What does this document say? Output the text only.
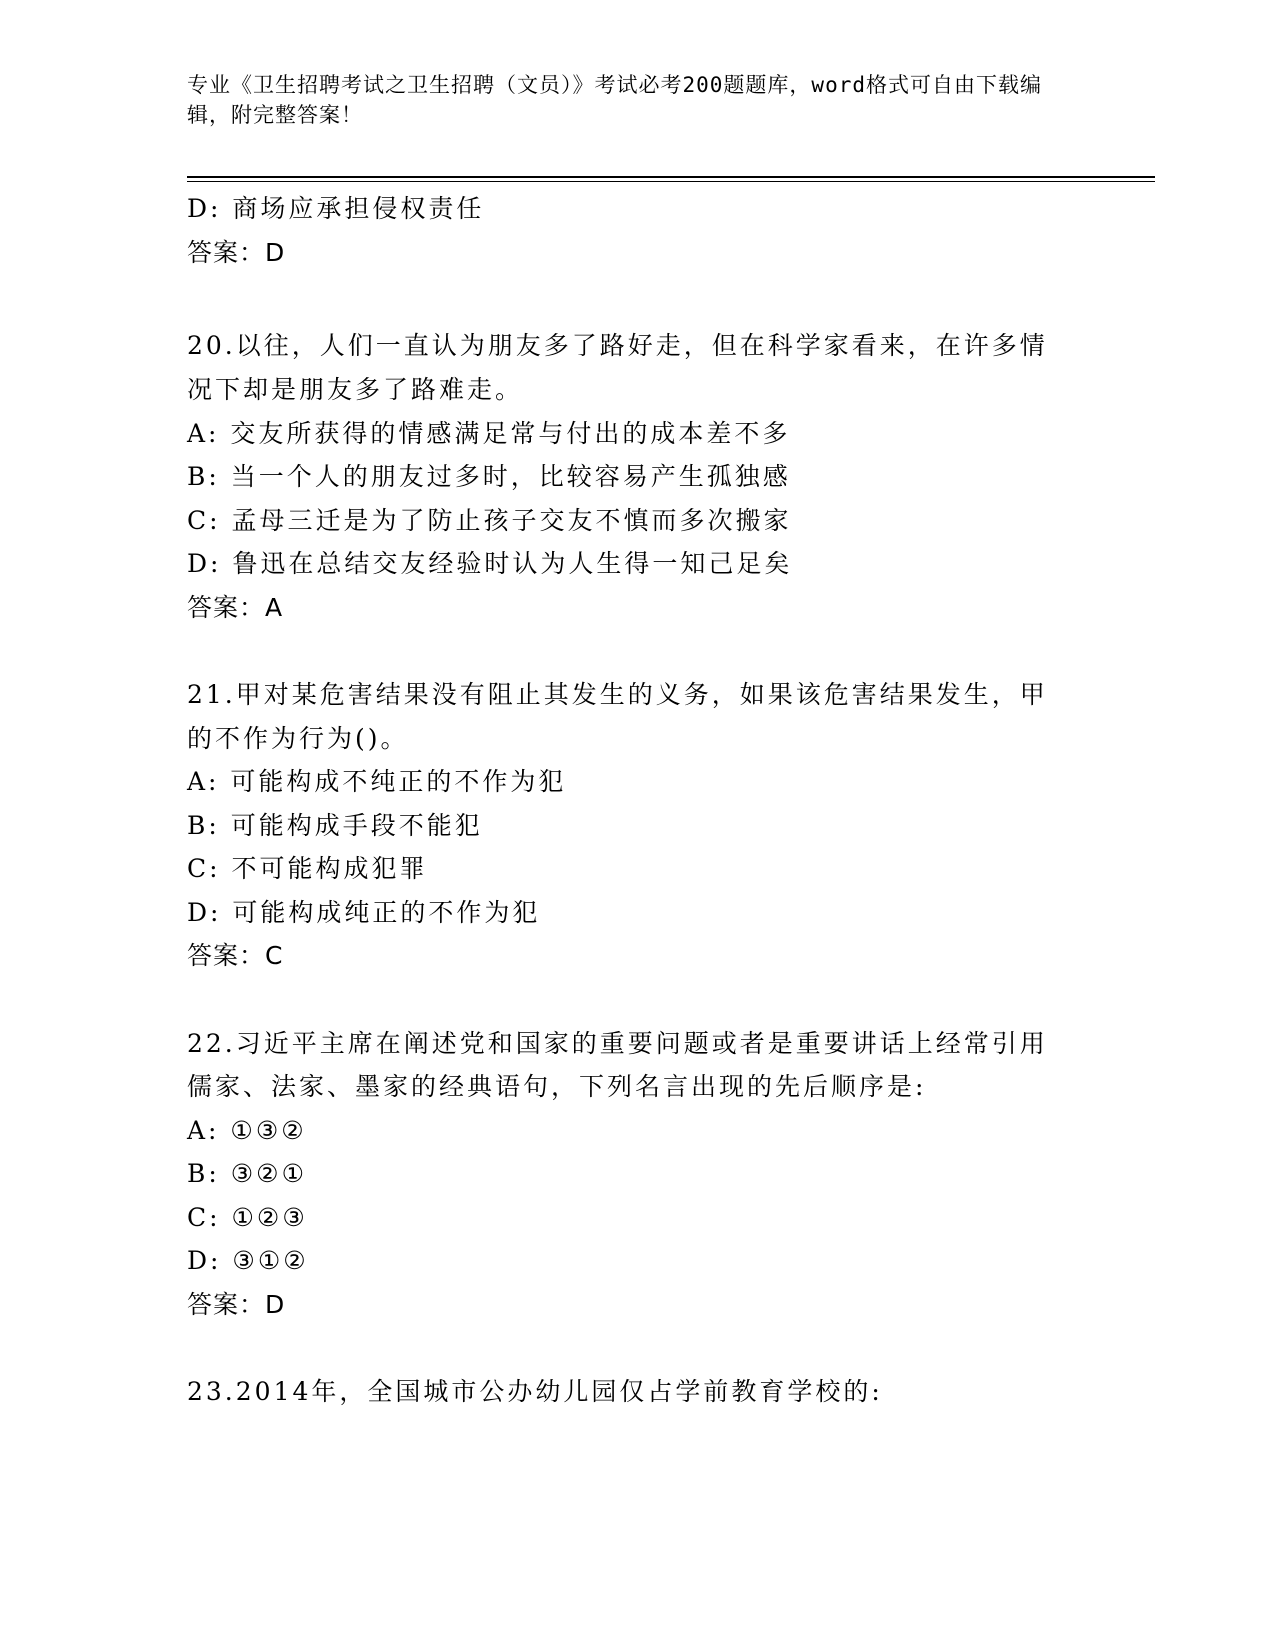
专业《卫生招聘考试之卫生招聘（文员）》考试必考200题题库，word格式可自由下载编辑，附完整答案！
D: 商场应承担侵权责任
答案：D
20.以往，人们一直认为朋友多了路好走，但在科学家看来，在许多情
况下却是朋友多了路难走。
A: 交友所获得的情感满足常与付出的成本差不多
B: 当一个人的朋友过多时，比较容易产生孤独感
C: 孟母三迁是为了防止孩子交友不慎而多次搬家
D: 鲁迅在总结交友经验时认为人生得一知己足矣
答案：A
21.甲对某危害结果没有阻止其发生的义务，如果该危害结果发生，甲
的不作为行为()。
A: 可能构成不纯正的不作为犯
B: 可能构成手段不能犯
C: 不可能构成犯罪
D: 可能构成纯正的不作为犯
答案：C
22.习近平主席在阐述党和国家的重要问题或者是重要讲话上经常引用
儒家、法家、墨家的经典语句，下列名言出现的先后顺序是:
A: ①③②
B: ③②①
C: ①②③
D: ③①②
答案：D
23.2014年，全国城市公办幼儿园仅占学前教育学校的:
